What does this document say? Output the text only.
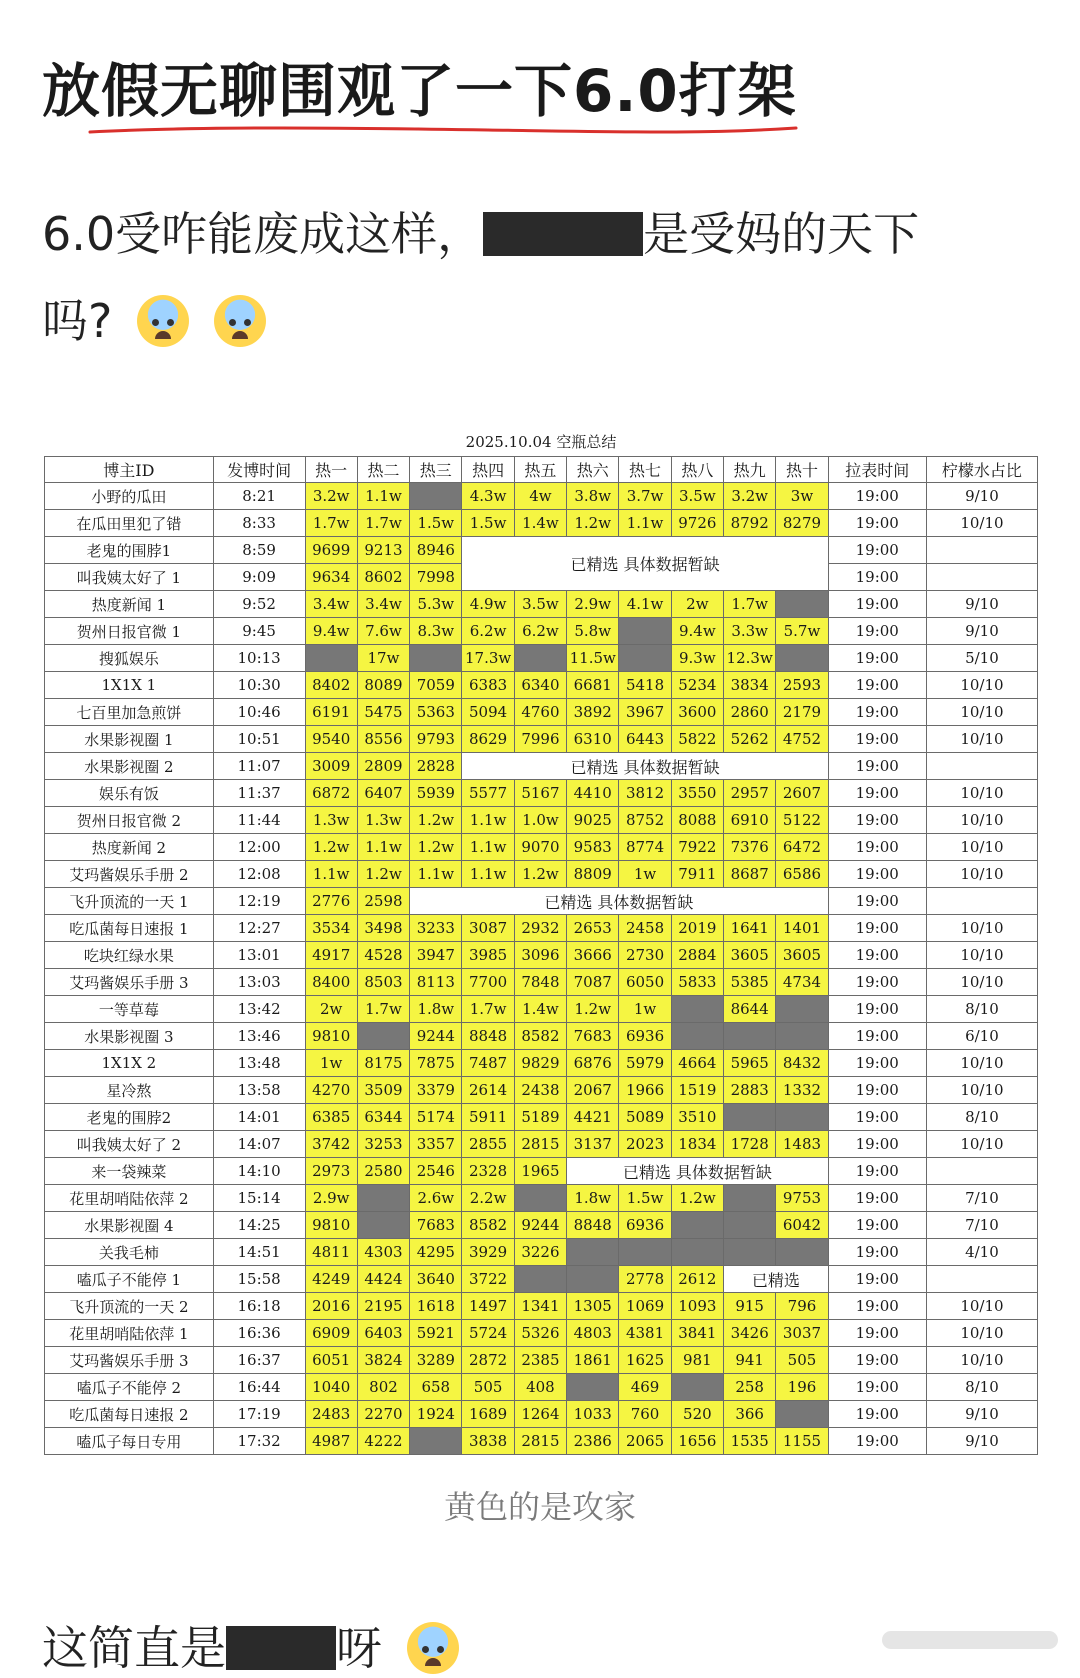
放假无聊围观了一下6.0打架
6.0受咋能废成这样，	是受妈的天下
吗?

2025.10.04 空瓶总结
博主ID	发博时间	热一	热二	热三	热四	热五	热六	热七	热八	热九	热十	拉表时间	柠檬水占比
小野的瓜田	8:21	3.2w	1.1w		4.3w	4w	3.8w	3.7w	3.5w	3.2w	3w	19:00	9/10
在瓜田里犯了错	8:33	1.7w	1.7w	1.5w	1.5w	1.4w	1.2w	1.1w	9726	8792	8279	19:00	10/10
老鬼的围脖1	8:59	9699	9213	8946	已精选 具体数据暂缺							19:00	
叫我姨太好了 1	9:09	9634	8602	7998								19:00	
热度新闻 1	9:52	3.4w	3.4w	5.3w	4.9w	3.5w	2.9w	4.1w	2w	1.7w		19:00	9/10
贺州日报官微 1	9:45	9.4w	7.6w	8.3w	6.2w	6.2w	5.8w		9.4w	3.3w	5.7w	19:00	9/10
搜狐娱乐	10:13		17w		17.3w		11.5w		9.3w	12.3w		19:00	5/10
1X1X 1	10:30	8402	8089	7059	6383	6340	6681	5418	5234	3834	2593	19:00	10/10
七百里加急煎饼	10:46	6191	5475	5363	5094	4760	3892	3967	3600	2860	2179	19:00	10/10
水果影视圈 1	10:51	9540	8556	9793	8629	7996	6310	6443	5822	5262	4752	19:00	10/10
水果影视圈 2	11:07	3009	2809	2828	已精选 具体数据暂缺							19:00	
娱乐有饭	11:37	6872	6407	5939	5577	5167	4410	3812	3550	2957	2607	19:00	10/10
贺州日报官微 2	11:44	1.3w	1.3w	1.2w	1.1w	1.0w	9025	8752	8088	6910	5122	19:00	10/10
热度新闻 2	12:00	1.2w	1.1w	1.2w	1.1w	9070	9583	8774	7922	7376	6472	19:00	10/10
艾玛酱娱乐手册 2	12:08	1.1w	1.2w	1.1w	1.1w	1.2w	8809	1w	7911	8687	6586	19:00	10/10
飞升顶流的一天 1	12:19	2776	2598	已精选 具体数据暂缺								19:00	
吃瓜菌每日速报 1	12:27	3534	3498	3233	3087	2932	2653	2458	2019	1641	1401	19:00	10/10
吃块红绿水果	13:01	4917	4528	3947	3985	3096	3666	2730	2884	3605	3605	19:00	10/10
艾玛酱娱乐手册 3	13:03	8400	8503	8113	7700	7848	7087	6050	5833	5385	4734	19:00	10/10
一等草莓	13:42	2w	1.7w	1.8w	1.7w	1.4w	1.2w	1w		8644		19:00	8/10
水果影视圈 3	13:46	9810		9244	8848	8582	7683	6936				19:00	6/10
1X1X 2	13:48	1w	8175	7875	7487	9829	6876	5979	4664	5965	8432	19:00	10/10
星冷熬	13:58	4270	3509	3379	2614	2438	2067	1966	1519	2883	1332	19:00	10/10
老鬼的围脖2	14:01	6385	6344	5174	5911	5189	4421	5089	3510			19:00	8/10
叫我姨太好了 2	14:07	3742	3253	3357	2855	2815	3137	2023	1834	1728	1483	19:00	10/10
来一袋辣菜	14:10	2973	2580	2546	2328	1965	已精选 具体数据暂缺					19:00	
花里胡哨陆依萍 2	15:14	2.9w		2.6w	2.2w		1.8w	1.5w	1.2w		9753	19:00	7/10
水果影视圈 4	14:25	9810		7683	8582	9244	8848	6936			6042	19:00	7/10
关我毛柿	14:51	4811	4303	4295	3929	3226						19:00	4/10
嗑瓜子不能停 1	15:58	4249	4424	3640	3722			2778	2612	已精选		19:00	
飞升顶流的一天 2	16:18	2016	2195	1618	1497	1341	1305	1069	1093	915	796	19:00	10/10
花里胡哨陆依萍 1	16:36	6909	6403	5921	5724	5326	4803	4381	3841	3426	3037	19:00	10/10
艾玛酱娱乐手册 3	16:37	6051	3824	3289	2872	2385	1861	1625	981	941	505	19:00	10/10
嗑瓜子不能停 2	16:44	1040	802	658	505	408		469		258	196	19:00	8/10
吃瓜菌每日速报 2	17:19	2483	2270	1924	1689	1264	1033	760	520	366		19:00	9/10
嗑瓜子每日专用	17:32	4987	4222		3838	2815	2386	2065	1656	1535	1155	19:00	9/10
黄色的是攻家
这简直是 呀
